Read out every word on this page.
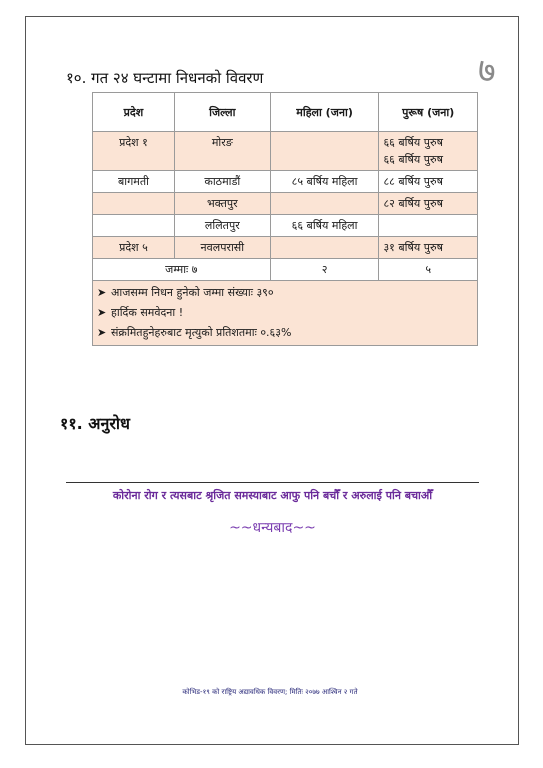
७
१०. गत २४ घन्टामा निधनको विवरण
प्रदेश	जिल्ला	महिला (जना)	पुरूष (जना)
प्रदेश १	मोरङ		६६ बर्षिय पुरुष
६६ बर्षिय पुरुष

बागमती	काठमाडौं	८५ बर्षिय महिला	८८ बर्षिय पुरुष

	भक्तपुर		८२ बर्षिय पुरुष

	ललितपुर	६६ बर्षिय महिला	

प्रदेश ५	नवलपरासी		३१ बर्षिय पुरुष

जम्माः ७		२	५

➤ आजसम्म निधन हुनेको जम्मा संख्याः ३९०
➤ हार्दिक समवेदना !
➤ संक्रमितहुनेहरुबाट मृत्युको प्रतिशतमाः ०.६३%			
११. अनुरोध
कोरोना रोग र त्यसबाट श्रृजित समस्याबाट आफु पनि बचौँ र अरुलाई पनि बचाऔँ
~~धन्यबाद~~
कोभिड-१९ को राष्ट्रिय अद्यावधिक विवरण; मितिः २०७७ आश्विन २ गते
